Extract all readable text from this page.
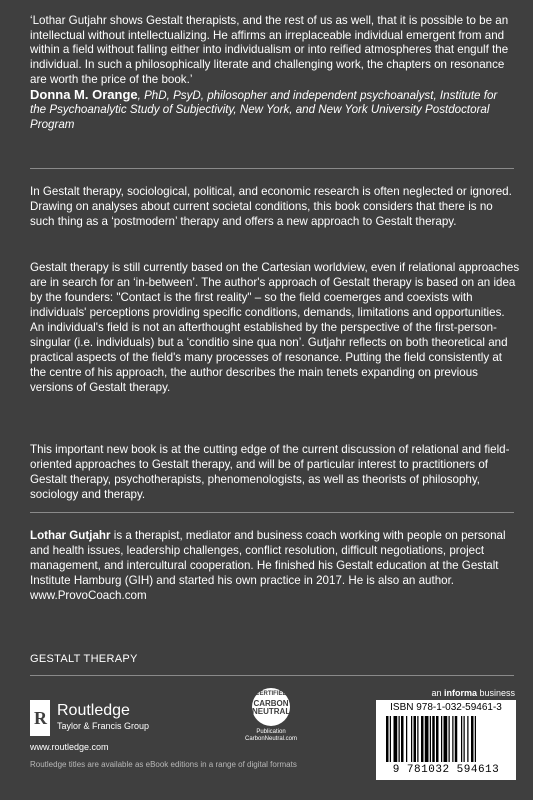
‘Lothar Gutjahr shows Gestalt therapists, and the rest of us as well, that it is possible to be an intellectual without intellectualizing. He affirms an irreplaceable individual emergent from and within a field without falling either into individualism or into reified atmospheres that engulf the individual. In such a philosophically literate and challenging work, the chapters on resonance are worth the price of the book.’

Donna M. Orange, PhD, PsyD, philosopher and independent psychoanalyst, Institute for the Psychoanalytic Study of Subjectivity, New York, and New York University Postdoctoral Program

In Gestalt therapy, sociological, political, and economic research is often neglected or ignored. Drawing on analyses about current societal conditions, this book considers that there is no such thing as a ‘postmodern’ therapy and offers a new approach to Gestalt therapy.

Gestalt therapy is still currently based on the Cartesian worldview, even if relational approaches are in search for an ‘in-between’. The author's approach of Gestalt therapy is based on an idea by the founders: "Contact is the first reality" – so the field coemerges and coexists with individuals' perceptions providing specific conditions, demands, limitations and opportunities. An individual's field is not an afterthought established by the perspective of the first-person-singular (i.e. individuals) but a ‘conditio sine qua non’. Gutjahr reflects on both theoretical and practical aspects of the field's many processes of resonance. Putting the field consistently at the centre of his approach, the author describes the main tenets expanding on previous versions of Gestalt therapy.

This important new book is at the cutting edge of the current discussion of relational and field-oriented approaches to Gestalt therapy, and will be of particular interest to practitioners of Gestalt therapy, psychotherapists, phenomenologists, as well as theorists of philosophy, sociology and therapy.

Lothar Gutjahr is a therapist, mediator and business coach working with people on personal and health issues, leadership challenges, conflict resolution, difficult negotiations, project management, and intercultural cooperation. He finished his Gestalt education at the Gestalt Institute Hamburg (GIH) and started his own practice in 2017. He is also an author. www.ProvoCoach.com

GESTALT THERAPY
R Routledge
Taylor & Francis Group
www.routledge.com
CERTIFIED
CARBON NEUTRAL
Publication
CarbonNeutral.com
an informa business
ISBN 978-1-032-59461-3
9 781032 594613
Routledge titles are available as eBook editions in a range of digital formats
